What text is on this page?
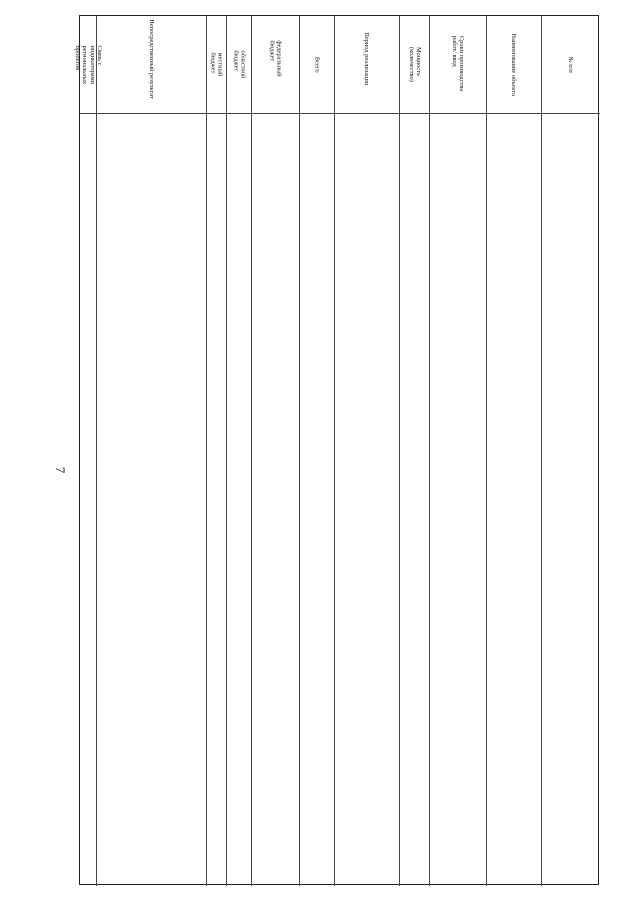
7
№ п/п
Наименование объекта
Сроки производства работ/ ввод
Мощность (количество)
Период реализации
Всего
федеральный бюджет
областной бюджет
местный бюджет
Непосредственный результат
Связь с индикаторами региональных проектов
